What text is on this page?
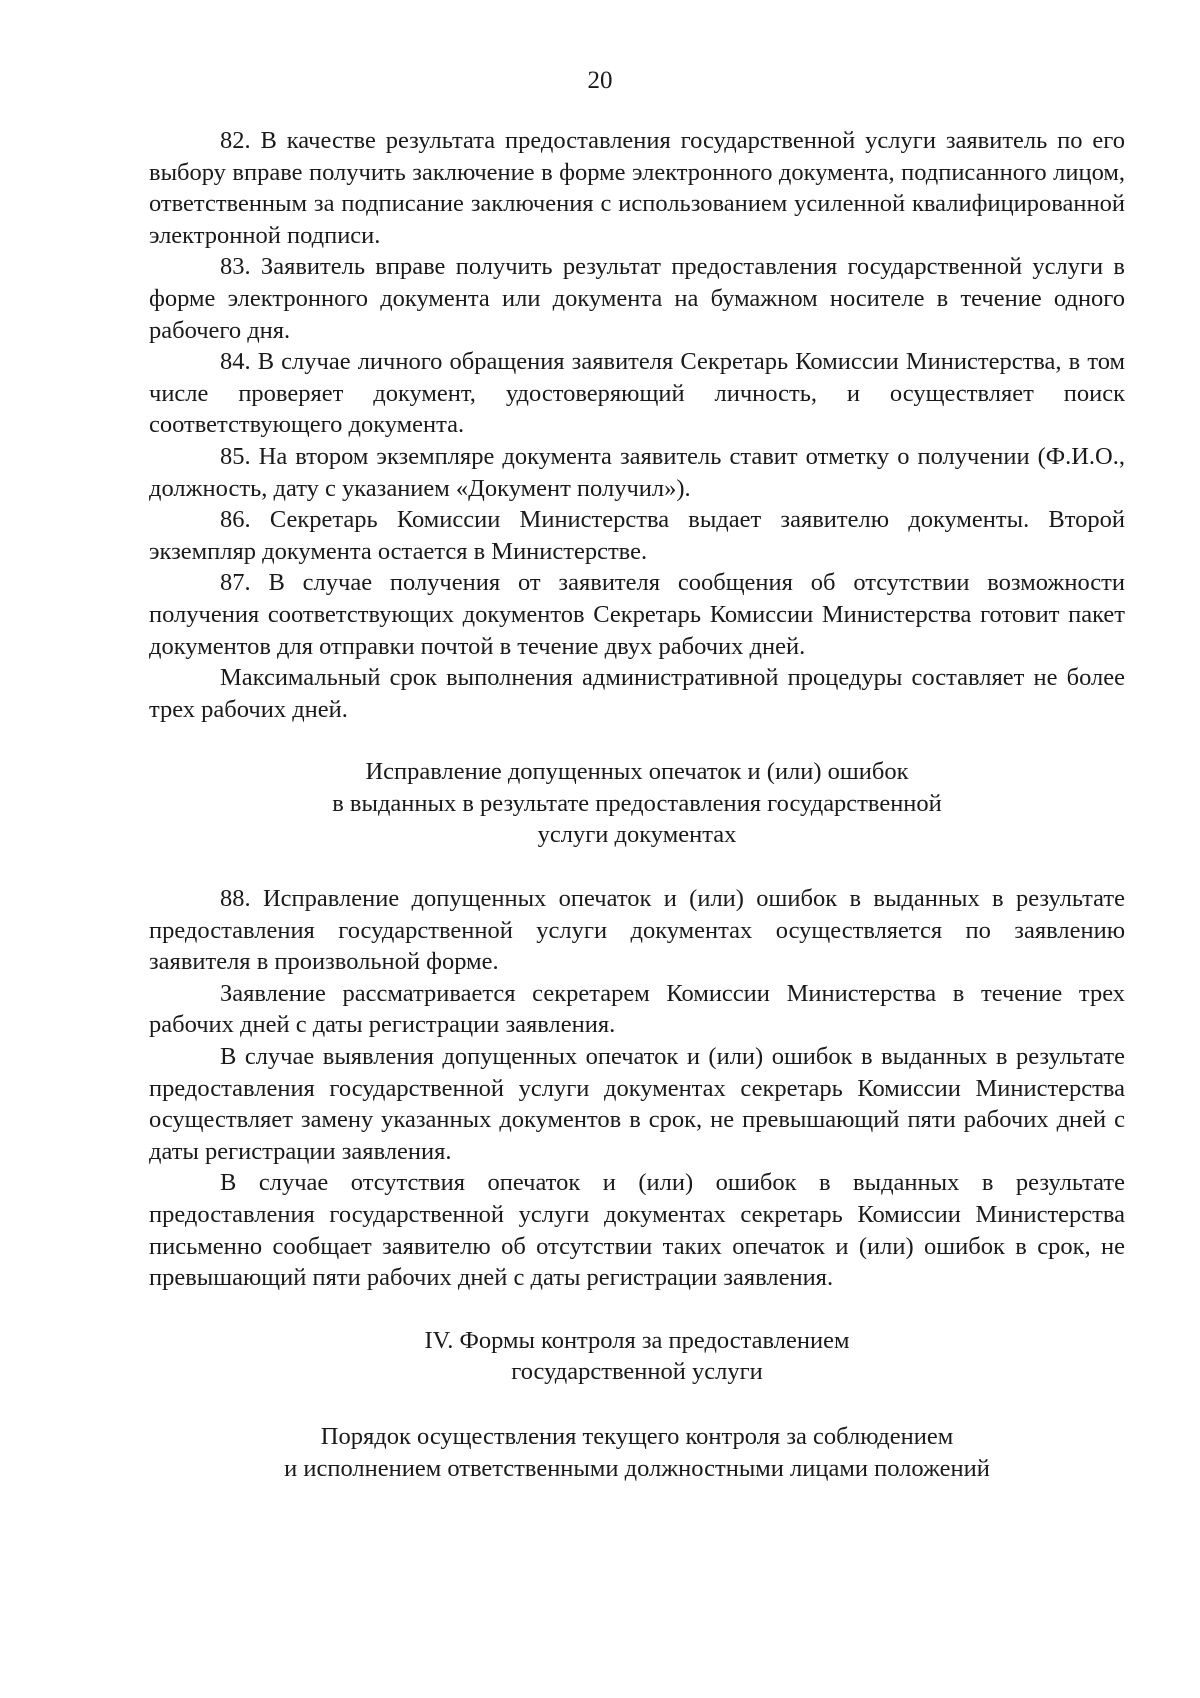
20

82. В качестве результата предоставления государственной услуги заявитель по его выбору вправе получить заключение в форме электронного документа, подписанного лицом, ответственным за подписание заключения с использованием усиленной квалифицированной электронной подписи.

83. Заявитель вправе получить результат предоставления государственной услуги в форме электронного документа или документа на бумажном носителе в течение одного рабочего дня.

84. В случае личного обращения заявителя Секретарь Комиссии Министерства, в том числе проверяет документ, удостоверяющий личность, и осуществляет поиск соответствующего документа.

85. На втором экземпляре документа заявитель ставит отметку о получении (Ф.И.О., должность, дату с указанием «Документ получил»).

86. Секретарь Комиссии Министерства выдает заявителю документы. Второй экземпляр документа остается в Министерстве.

87. В случае получения от заявителя сообщения об отсутствии возможности получения соответствующих документов Секретарь Комиссии Министерства готовит пакет документов для отправки почтой в течение двух рабочих дней.

Максимальный срок выполнения административной процедуры составляет не более трех рабочих дней.

Исправление допущенных опечаток и (или) ошибок

в выданных в результате предоставления государственной

услуги документах

88. Исправление допущенных опечаток и (или) ошибок в выданных в результате предоставления государственной услуги документах осуществляется по заявлению заявителя в произвольной форме.

Заявление рассматривается секретарем Комиссии Министерства в течение трех рабочих дней с даты регистрации заявления.

В случае выявления допущенных опечаток и (или) ошибок в выданных в результате предоставления государственной услуги документах секретарь Комиссии Министерства осуществляет замену указанных документов в срок, не превышающий пяти рабочих дней с даты регистрации заявления.

В случае отсутствия опечаток и (или) ошибок в выданных в результате предоставления государственной услуги документах секретарь Комиссии Министерства письменно сообщает заявителю об отсутствии таких опечаток и (или) ошибок в срок, не превышающий пяти рабочих дней с даты регистрации заявления.

IV. Формы контроля за предоставлением

государственной услуги

Порядок осуществления текущего контроля за соблюдением

и исполнением ответственными должностными лицами положений
